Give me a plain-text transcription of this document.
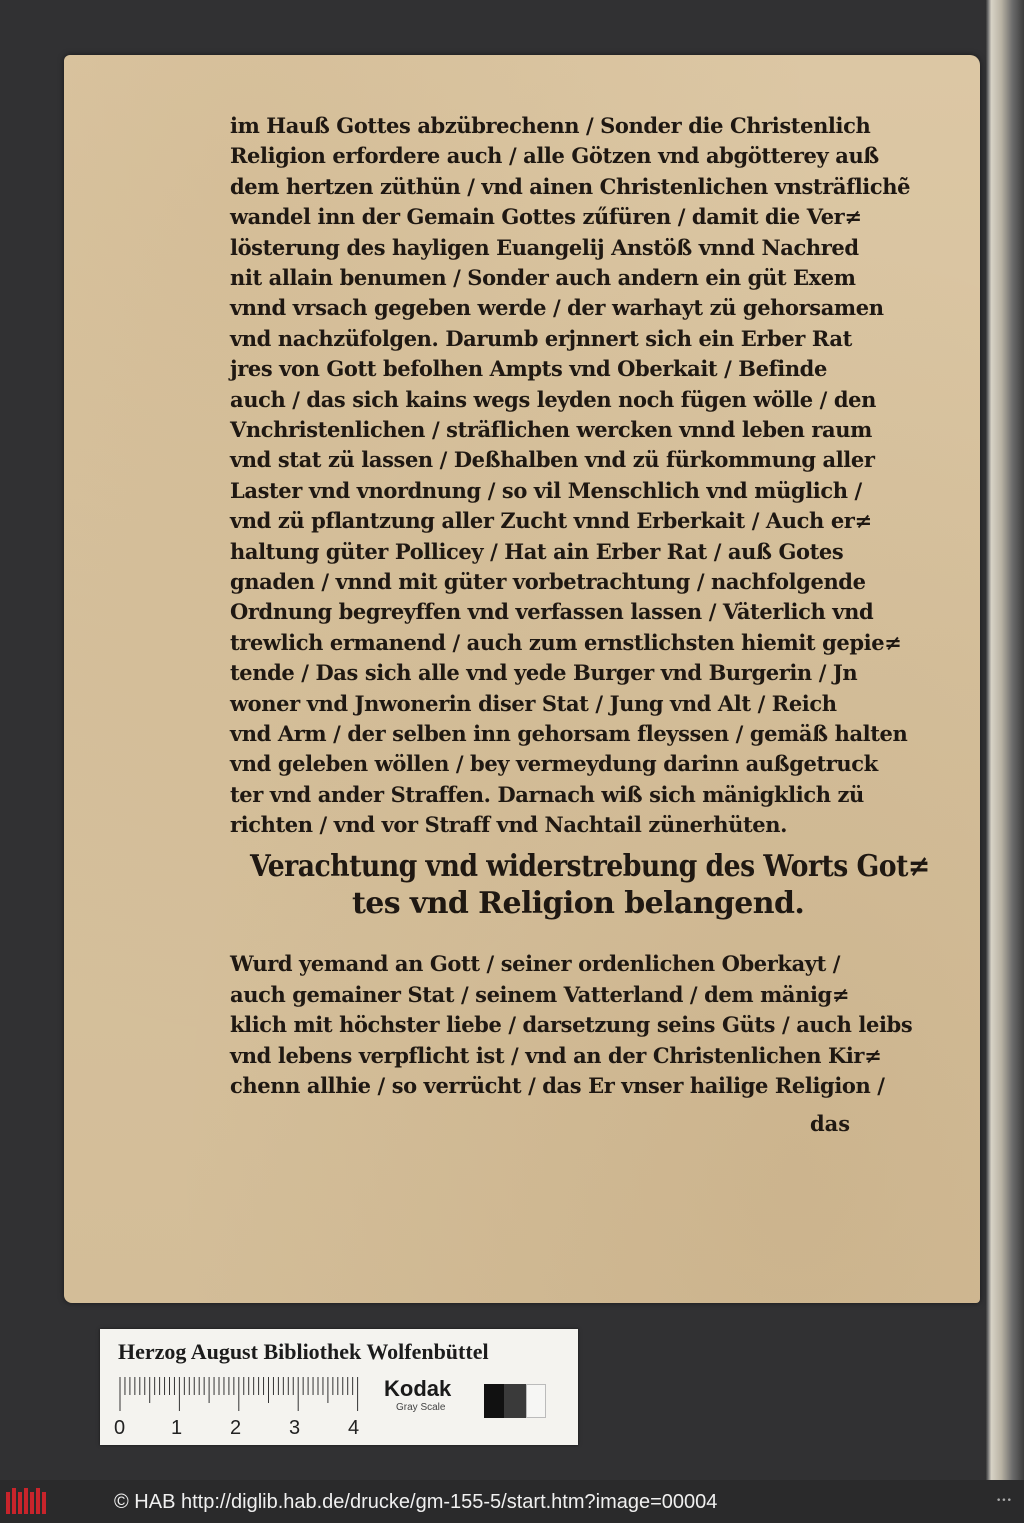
im Hauß Gottes abzübrechenn / Sonder die Christenlich
Religion erfordere auch / alle Götzen vnd abgötterey auß
dem hertzen züthün / vnd ainen Christenlichen vnsträflichẽ
wandel inn der Gemain Gottes zűfüren / damit die Ver≠
lösterung des hayligen Euangelij Anstöß vnnd Nachred
nit allain benumen / Sonder auch andern ein güt Exem
vnnd vrsach gegeben werde / der warhayt zü gehorsamen
vnd nachzüfolgen. Darumb erjnnert sich ein Erber Rat
jres von Gott befolhen Ampts vnd Oberkait / Befinde
auch / das sich kains wegs leyden noch fügen wölle / den
Vnchristenlichen / sträflichen wercken vnnd leben raum
vnd stat zü lassen / Deßhalben vnd zü fürkommung aller
Laster vnd vnordnung / so vil Menschlich vnd müglich /
vnd zü pflantzung aller Zucht vnnd Erberkait / Auch er≠
haltung güter Pollicey / Hat ain Erber Rat / auß Gotes
gnaden / vnnd mit güter vorbetrachtung / nachfolgende
Ordnung begreyffen vnd verfassen lassen / Väterlich vnd
trewlich ermanend / auch zum ernstlichsten hiemit gepie≠
tende / Das sich alle vnd yede Burger vnd Burgerin / Jn
woner vnd Jnwonerin diser Stat / Jung vnd Alt / Reich
vnd Arm / der selben inn gehorsam fleyssen / gemäß halten
vnd geleben wöllen / bey vermeydung darinn außgetruck
ter vnd ander Straffen. Darnach wiß sich mänigklich zü
richten / vnd vor Straff vnd Nachtail zünerhüten.
Verachtung vnd widerstrebung des Worts Got≠
tes vnd Religion belangend.
Wurd yemand an Gott / seiner ordenlichen Oberkayt /
auch gemainer Stat / seinem Vatterland / dem mänig≠
klich mit höchster liebe / darsetzung seins Güts / auch leibs
vnd lebens verpflicht ist / vnd an der Christenlichen Kir≠
chenn allhie / so verrücht / das Er vnser hailige Religion /
das
Herzog August Bibliothek Wolfenbüttel
0 1 2 3 4
Kodak
Gray Scale
© HAB http://diglib.hab.de/drucke/gm-155-5/start.htm?image=00004	•••
